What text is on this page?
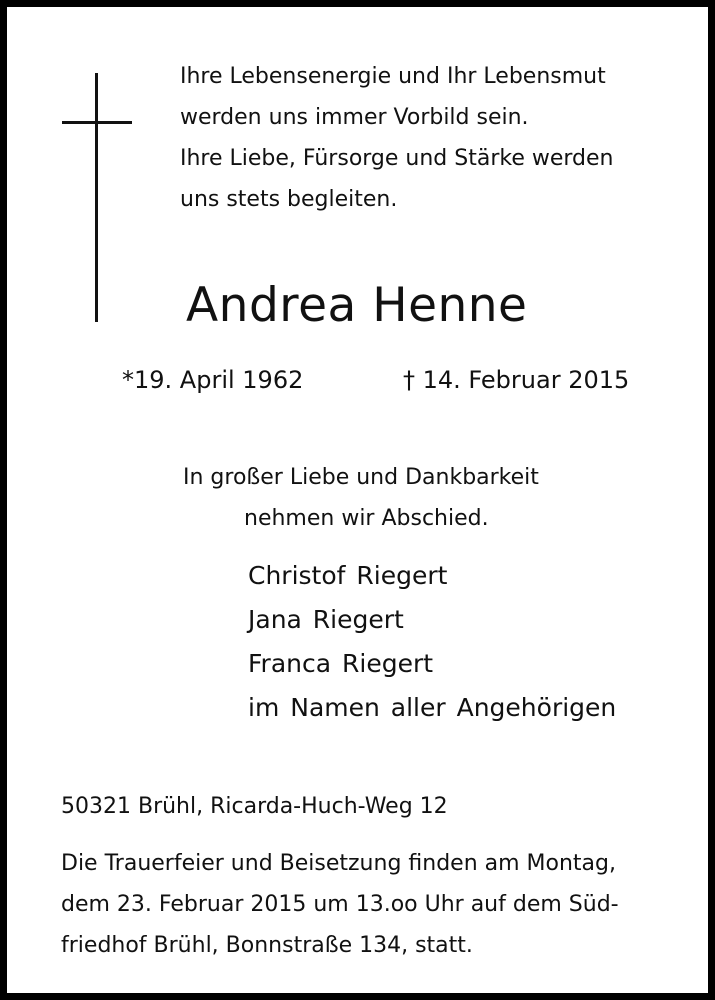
Ihre Lebensenergie und Ihr Lebensmut
werden uns immer Vorbild sein.
Ihre Liebe, Fürsorge und Stärke werden
uns stets begleiten.
Andrea Henne
*19. April 1962	† 14. Februar 2015
In großer Liebe und Dankbarkeit
nehmen wir Abschied.
Christof Riegert
Jana Riegert
Franca Riegert
im Namen aller Angehörigen
50321 Brühl, Ricarda-Huch-Weg 12
Die Trauerfeier und Beisetzung finden am Montag,
dem 23. Februar 2015 um 13.oo Uhr auf dem Süd-
friedhof Brühl, Bonnstraße 134, statt.
